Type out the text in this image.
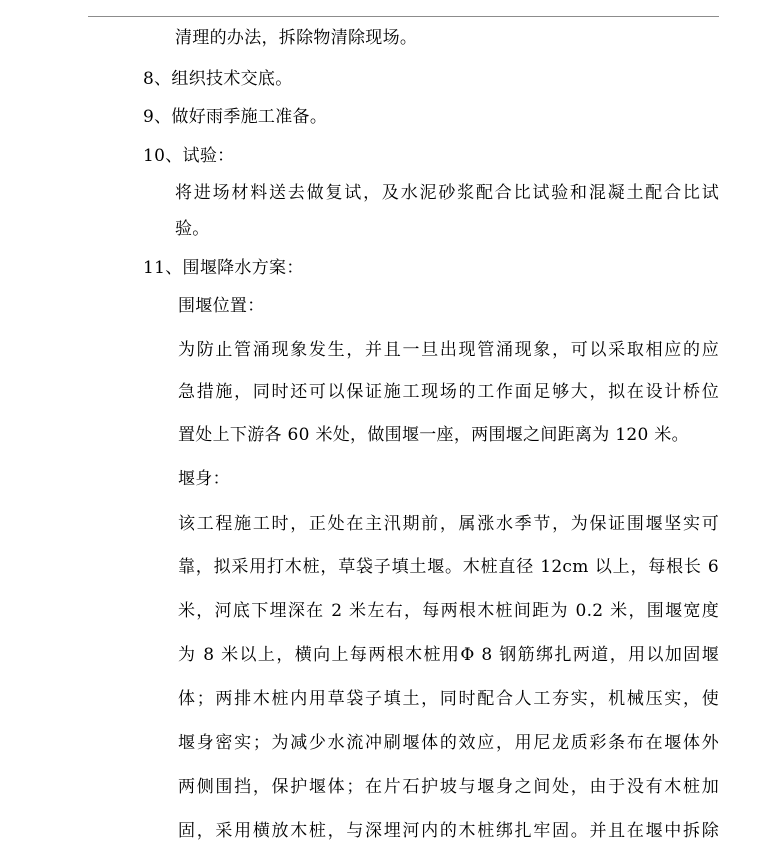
清理的办法，拆除物清除现场。
8、组织技术交底。
9、做好雨季施工准备。
10、试验：
将进场材料送去做复试，及水泥砂浆配合比试验和混凝土配合比试
验。
11、围堰降水方案：
围堰位置：
为防止管涌现象发生，并且一旦出现管涌现象，可以采取相应的应
急措施，同时还可以保证施工现场的工作面足够大，拟在设计桥位
置处上下游各 60 米处，做围堰一座，两围堰之间距离为 120 米。
堰身：
该工程施工时，正处在主汛期前，属涨水季节，为保证围堰坚实可
靠，拟采用打木桩，草袋子填土堰。木桩直径 12cm 以上，每根长 6
米，河底下埋深在 2 米左右，每两根木桩间距为 0.2 米，围堰宽度
为 8 米以上，横向上每两根木桩用Φ 8 钢筋绑扎两道，用以加固堰
体；两排木桩内用草袋子填土，同时配合人工夯实，机械压实，使
堰身密实；为减少水流冲刷堰体的效应，用尼龙质彩条布在堰体外
两侧围挡，保护堰体；在片石护坡与堰身之间处，由于没有木桩加
固，采用横放木桩，与深埋河内的木桩绑扎牢固。并且在堰中拆除
